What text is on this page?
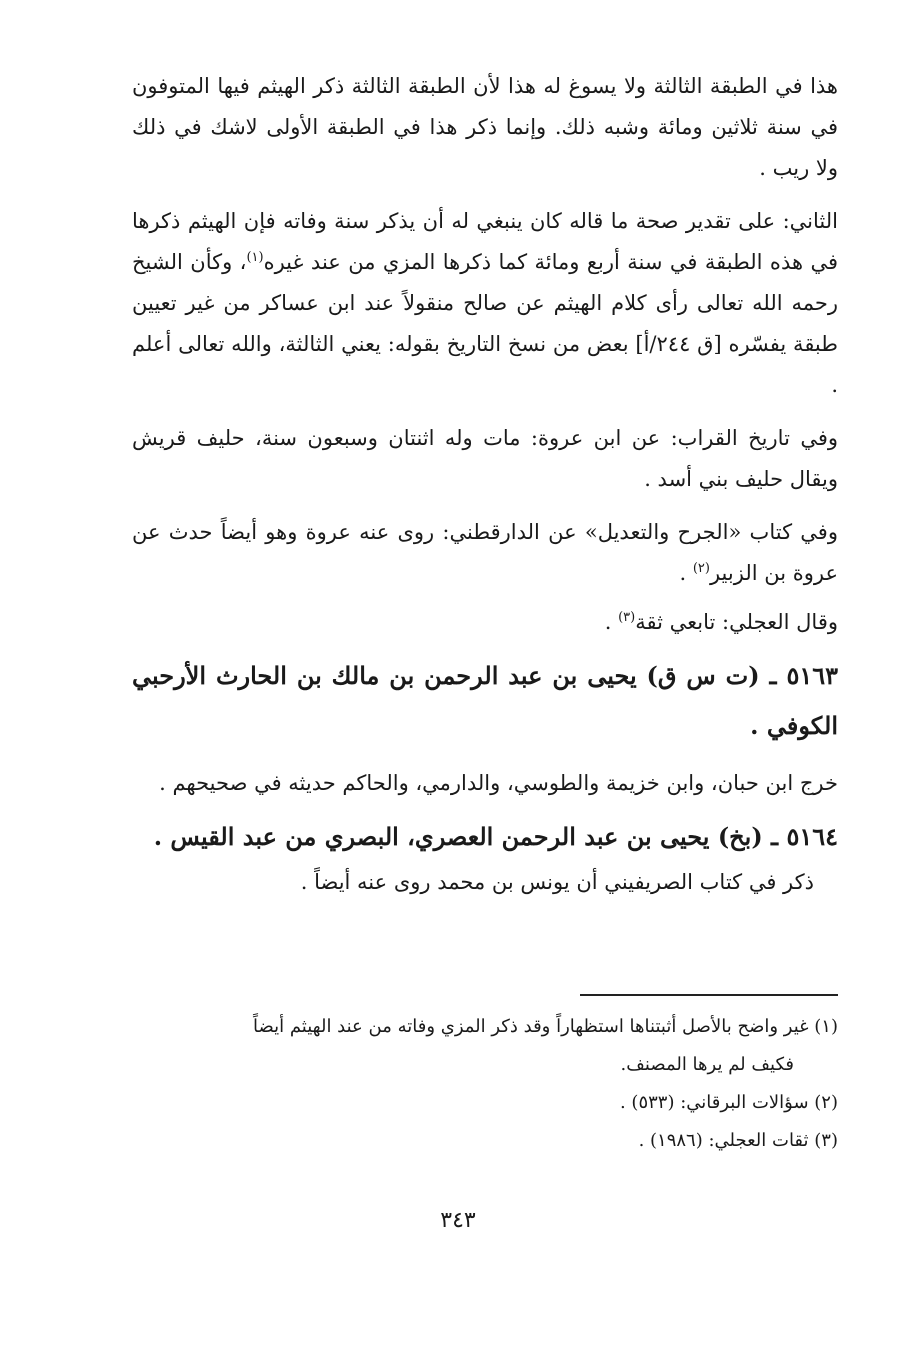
هذا في الطبقة الثالثة ولا يسوغ له هذا لأن الطبقة الثالثة ذكر الهيثم فيها المتوفون في سنة ثلاثين ومائة وشبه ذلك. وإنما ذكر هذا في الطبقة الأولى لاشك في ذلك ولا ريب .

الثاني: على تقدير صحة ما قاله كان ينبغي له أن يذكر سنة وفاته فإن الهيثم ذكرها في هذه الطبقة في سنة أربع ومائة كما ذكرها المزي من عند غيره$^{(١)}$، وكأن الشيخ رحمه الله تعالى رأى كلام الهيثم عن صالح منقولاً عند ابن عساكر من غير تعيين طبقة يفسّره [ق ٢٤٤/أ] بعض من نسخ التاريخ بقوله: يعني الثالثة، والله تعالى أعلم .

وفي تاريخ القراب: عن ابن عروة: مات وله اثنتان وسبعون سنة، حليف قريش ويقال حليف بني أسد .

وفي كتاب «الجرح والتعديل» عن الدارقطني: روى عنه عروة وهو أيضاً حدث عن عروة بن الزبير$^{(٢)}$ .

وقال العجلي: تابعي ثقة$^{(٣)}$ .

٥١٦٣ ـ (ت س ق) يحيى بن عبد الرحمن بن مالك بن الحارث الأرحبي الكوفي .

خرج ابن حبان، وابن خزيمة والطوسي، والدارمي، والحاكم حديثه في صحيحهم .

٥١٦٤ ـ (بخ) يحيى بن عبد الرحمن العصري، البصري من عبد القيس .

ذكر في كتاب الصريفيني أن يونس بن محمد روى عنه أيضاً .

(١) غير واضح بالأصل أثبتناها استظهاراً وقد ذكر المزي وفاته من عند الهيثم أيضاً

فكيف لم يرها المصنف.

(٢) سؤالات البرقاني: (٥٣٣) .

(٣) ثقات العجلي: (١٩٨٦) .

٣٤٣
